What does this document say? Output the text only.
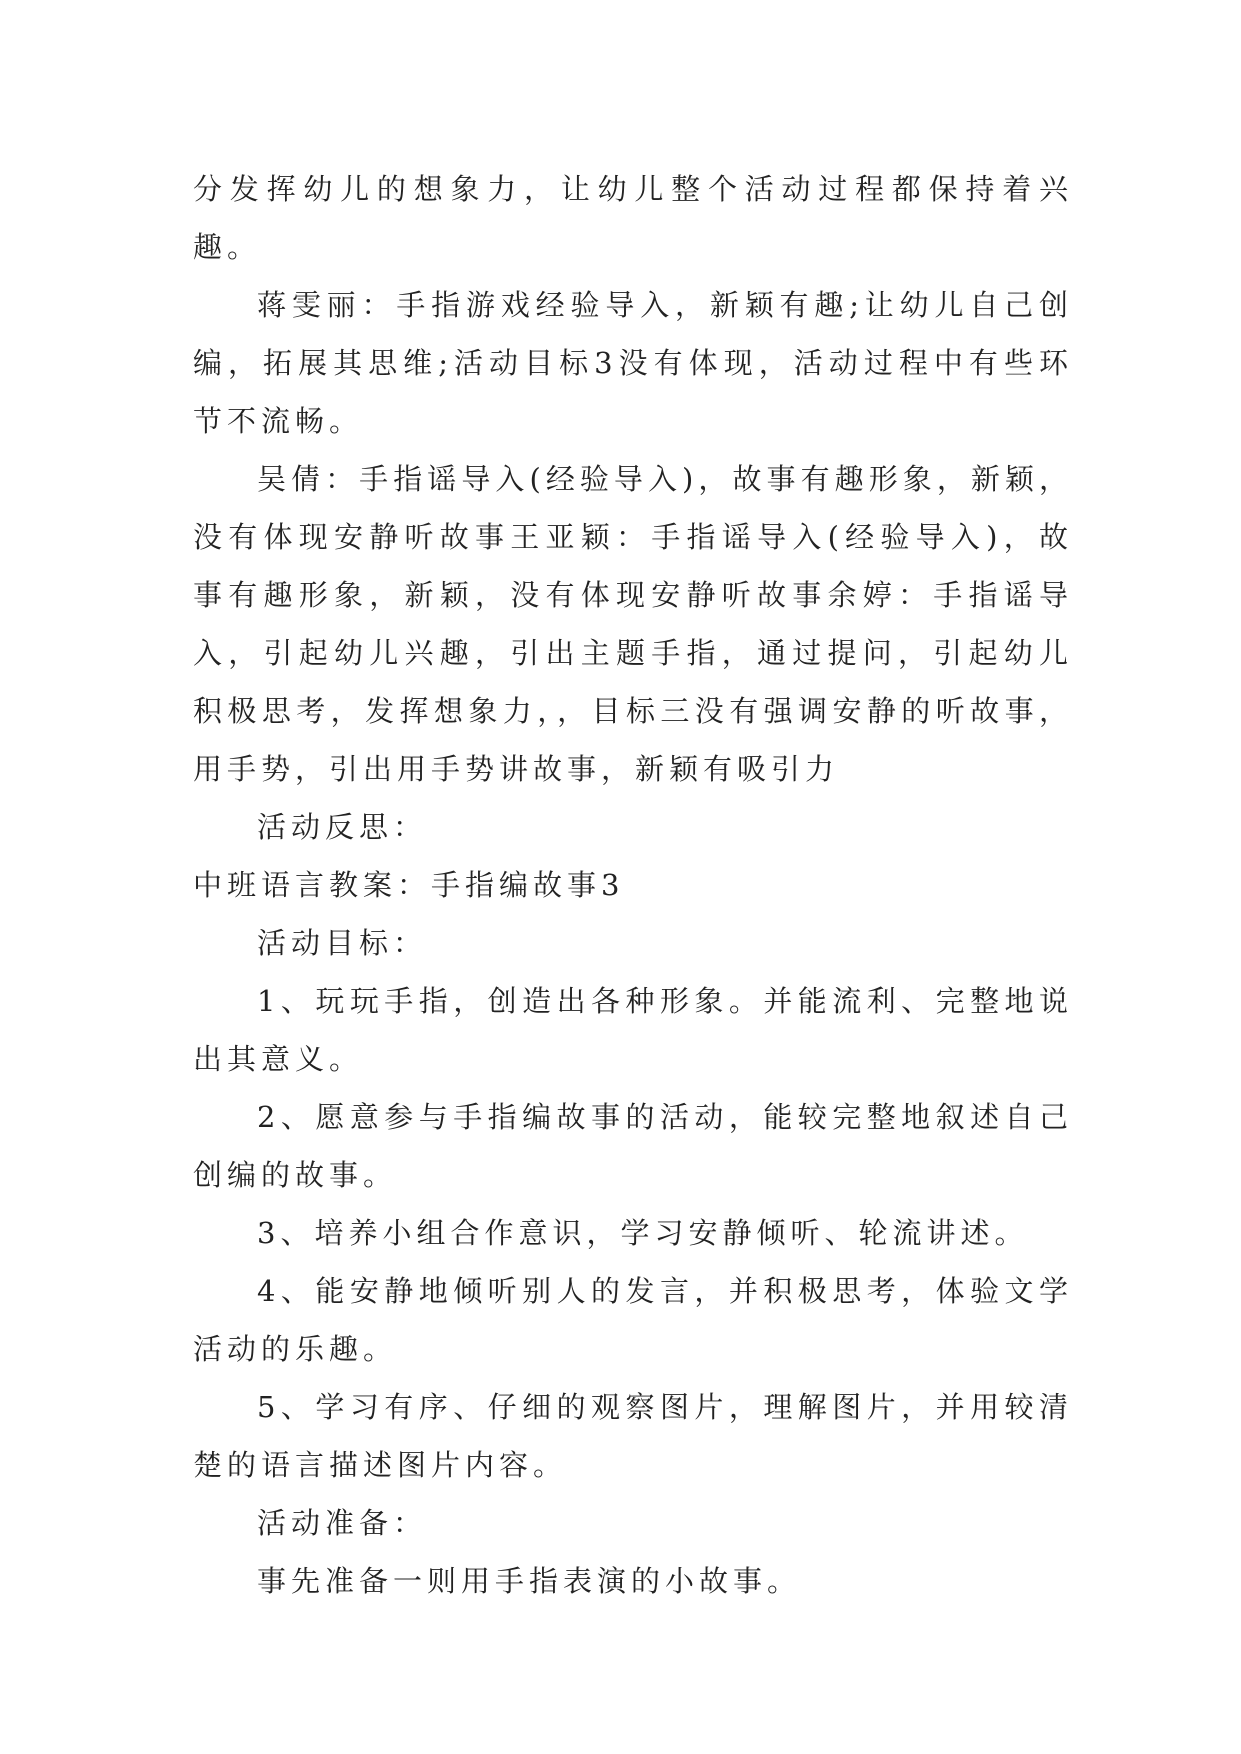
分发挥幼儿的想象力，让幼儿整个活动过程都保持着兴趣。

蒋雯丽：手指游戏经验导入，新颖有趣;让幼儿自己创编，拓展其思维;活动目标3没有体现，活动过程中有些环节不流畅。

吴倩：手指谣导入(经验导入)，故事有趣形象，新颖，没有体现安静听故事王亚颖：手指谣导入(经验导入)，故事有趣形象，新颖，没有体现安静听故事余婷：手指谣导入，引起幼儿兴趣，引出主题手指，通过提问，引起幼儿积极思考，发挥想象力，，目标三没有强调安静的听故事，用手势，引出用手势讲故事，新颖有吸引力

活动反思：

中班语言教案：手指编故事3

活动目标：

1、玩玩手指，创造出各种形象。并能流利、完整地说出其意义。

2、愿意参与手指编故事的活动，能较完整地叙述自己创编的故事。

3、培养小组合作意识，学习安静倾听、轮流讲述。

4、能安静地倾听别人的发言，并积极思考，体验文学活动的乐趣。

5、学习有序、仔细的观察图片，理解图片，并用较清楚的语言描述图片内容。

活动准备：

事先准备一则用手指表演的小故事。
